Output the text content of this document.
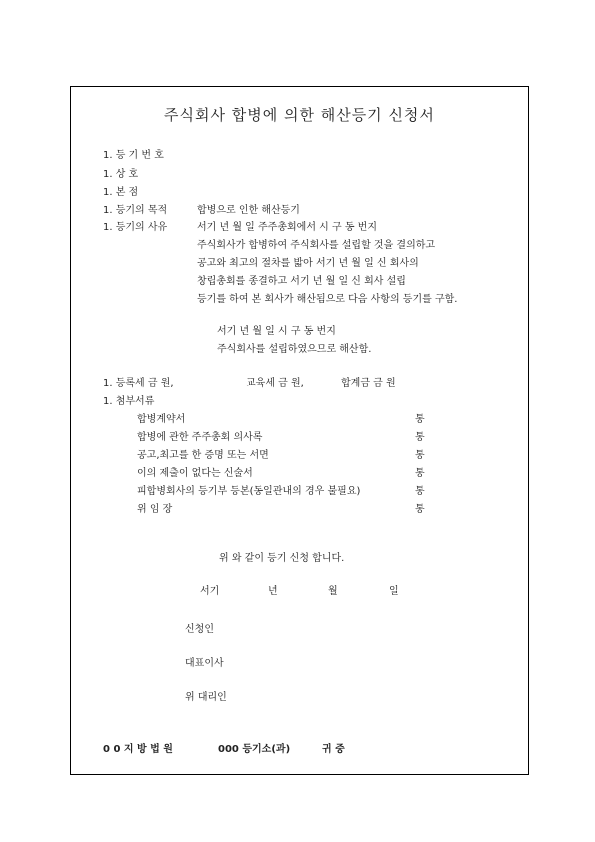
주식회사 합병에 의한 해산등기 신청서
1. 등 기 번 호
1. 상 호
1. 본 점
1. 등기의 목적	합병으로 인한 해산등기
1. 등기의 사유	서기 년 월 일 주주총회에서 시 구 동 번지
주식회사가 합병하여 주식회사를 설립할 것을 결의하고
공고와 최고의 절차를 밟아 서기 년 월 일 신 회사의
창립총회를 종결하고 서기 년 월 일 신 회사 설립
등기를 하여 본 회사가 해산됨으로 다음 사항의 등기를 구함.
서기 년 월 일 시 구 동 번지
주식회사를 설립하였으므로 해산함.
1. 등록세 금 원,	교육세 금 원,	합계금 금 원
1. 첨부서류
합병계약서	통
합병에 관한 주주총회 의사록	통
공고,최고를 한 증명 또는 서면	통
이의 제출이 없다는 신술서	통
피합병회사의 등기부 등본(동일관내의 경우 불필요)	통
위 임 장	통
위 와 같이 등기 신청 합니다.
서기	년	월	일
신청인
대표이사
위 대리인
0 0 지 방 법 원	000 등기소(과)	귀 중
